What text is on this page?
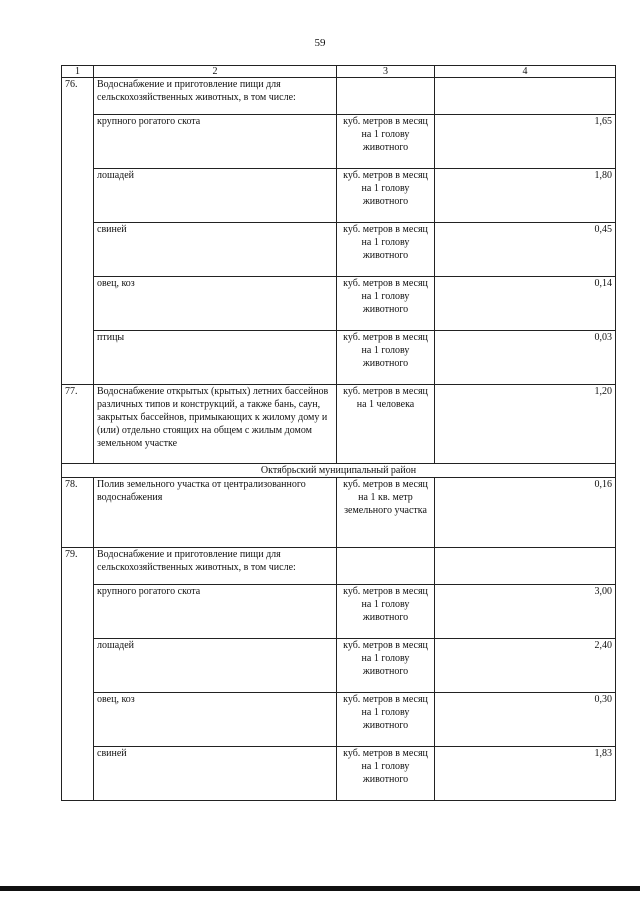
59
1	2	3	4
76.	Водоснабжение и приготовление пищи для сельскохозяйственных животных, в том числе:		
	крупного рогатого скота	куб. метров в месяц на 1 голову животного	1,65
	лошадей	куб. метров в месяц на 1 голову животного	1,80
	свиней	куб. метров в месяц на 1 голову животного	0,45
	овец, коз	куб. метров в месяц на 1 голову животного	0,14
	птицы	куб. метров в месяц на 1 голову животного	0,03
77.	Водоснабжение открытых (крытых) летних бассейнов различных типов и конструкций, а также бань, саун, закрытых бассейнов, примыкающих к жилому дому и (или) отдельно стоящих на общем с жилым домом земельном участке	куб. метров в месяц на 1 человека	1,20
Октябрьский муниципальный район			
78.	Полив земельного участка от централизованного водоснабжения	куб. метров в месяц на 1 кв. метр земельного участка	0,16
79.	Водоснабжение и приготовление пищи для сельскохозяйственных животных, в том числе:		
	крупного рогатого скота	куб. метров в месяц на 1 голову животного	3,00
	лошадей	куб. метров в месяц на 1 голову животного	2,40
	овец, коз	куб. метров в месяц на 1 голову животного	0,30
	свиней	куб. метров в месяц на 1 голову животного	1,83
